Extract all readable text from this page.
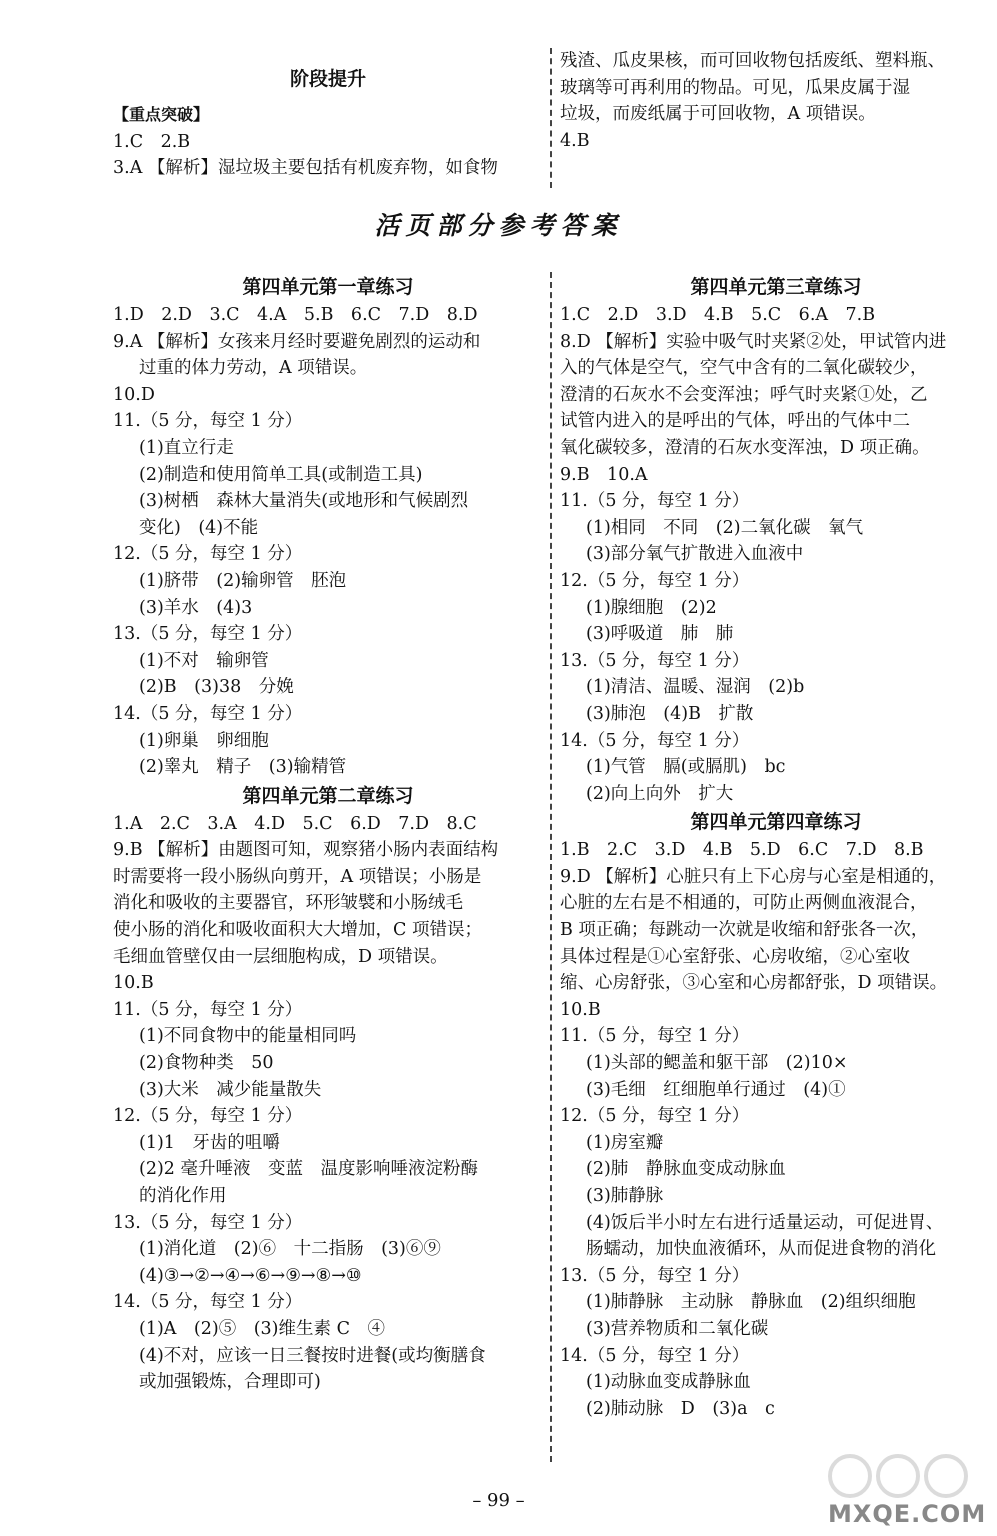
阶段提升
【重点突破】
1.C　2.B
3.A 【解析】湿垃圾主要包括有机废弃物，如食物
残渣、瓜皮果核，而可回收物包括废纸、塑料瓶、
玻璃等可再利用的物品。可见，瓜果皮属于湿
垃圾，而废纸属于可回收物，A 项错误。
4.B
活页部分参考答案
第四单元第一章练习
1.D　2.D　3.C　4.A　5.B　6.C　7.D　8.D
9.A 【解析】女孩来月经时要避免剧烈的运动和
过重的体力劳动，A 项错误。
10.D
11.（5 分，每空 1 分）
(1)直立行走
(2)制造和使用简单工具(或制造工具)
(3)树栖　森林大量消失(或地形和气候剧烈
变化)　(4)不能
12.（5 分，每空 1 分）
(1)脐带　(2)输卵管　胚泡
(3)羊水　(4)3
13.（5 分，每空 1 分）
(1)不对　输卵管
(2)B　(3)38　分娩
14.（5 分，每空 1 分）
(1)卵巢　卵细胞
(2)睾丸　精子　(3)输精管
第四单元第二章练习
1.A　2.C　3.A　4.D　5.C　6.D　7.D　8.C
9.B 【解析】由题图可知，观察猪小肠内表面结构
时需要将一段小肠纵向剪开，A 项错误；小肠是
消化和吸收的主要器官，环形皱襞和小肠绒毛
使小肠的消化和吸收面积大大增加，C 项错误；
毛细血管壁仅由一层细胞构成，D 项错误。
10.B
11.（5 分，每空 1 分）
(1)不同食物中的能量相同吗
(2)食物种类　50
(3)大米　减少能量散失
12.（5 分，每空 1 分）
(1)1　牙齿的咀嚼
(2)2 毫升唾液　变蓝　温度影响唾液淀粉酶
的消化作用
13.（5 分，每空 1 分）
(1)消化道　(2)⑥　十二指肠　(3)⑥⑨
(4)③→②→④→⑥→⑨→⑧→⑩
14.（5 分，每空 1 分）
(1)A　(2)⑤　(3)维生素 C　④
(4)不对，应该一日三餐按时进餐(或均衡膳食
或加强锻炼，合理即可)
第四单元第三章练习
1.C　2.D　3.D　4.B　5.C　6.A　7.B
8.D 【解析】实验中吸气时夹紧②处，甲试管内进
入的气体是空气，空气中含有的二氧化碳较少，
澄清的石灰水不会变浑浊；呼气时夹紧①处，乙
试管内进入的是呼出的气体，呼出的气体中二
氧化碳较多，澄清的石灰水变浑浊，D 项正确。
9.B　10.A
11.（5 分，每空 1 分）
(1)相同　不同　(2)二氧化碳　氧气
(3)部分氧气扩散进入血液中
12.（5 分，每空 1 分）
(1)腺细胞　(2)2
(3)呼吸道　肺　肺
13.（5 分，每空 1 分）
(1)清洁、温暖、湿润　(2)b
(3)肺泡　(4)B　扩散
14.（5 分，每空 1 分）
(1)气管　膈(或膈肌)　bc
(2)向上向外　扩大
第四单元第四章练习
1.B　2.C　3.D　4.B　5.D　6.C　7.D　8.B
9.D 【解析】心脏只有上下心房与心室是相通的，
心脏的左右是不相通的，可防止两侧血液混合，
B 项正确；每跳动一次就是收缩和舒张各一次，
具体过程是①心室舒张、心房收缩，②心室收
缩、心房舒张，③心室和心房都舒张，D 项错误。
10.B
11.（5 分，每空 1 分）
(1)头部的鳃盖和躯干部　(2)10×
(3)毛细　红细胞单行通过　(4)①
12.（5 分，每空 1 分）
(1)房室瓣
(2)肺　静脉血变成动脉血
(3)肺静脉
(4)饭后半小时左右进行适量运动，可促进胃、
肠蠕动，加快血液循环，从而促进食物的消化
13.（5 分，每空 1 分）
(1)肺静脉　主动脉　静脉血　(2)组织细胞
(3)营养物质和二氧化碳
14.（5 分，每空 1 分）
(1)动脉血变成静脉血
(2)肺动脉　D　(3)a　c
– 99 –	MXQE.COM
